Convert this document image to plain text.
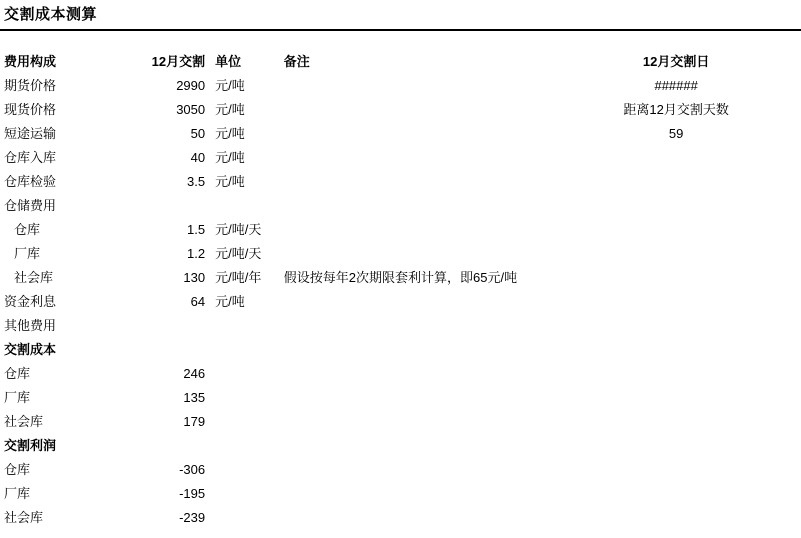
交割成本测算
费用构成	12月交割	单位	备注	12月交割日
期货价格	2990	元/吨		######
现货价格	3050	元/吨		距离12月交割天数
短途运输	50	元/吨		59
仓库入库	40	元/吨		
仓库检验	3.5	元/吨		
仓储费用				
仓库	1.5	元/吨/天		
厂库	1.2	元/吨/天		
社会库	130	元/吨/年	假设按每年2次期限套利计算，即65元/吨	
资金利息	64	元/吨		
其他费用				
交割成本				
仓库	246			
厂库	135			
社会库	179			
交割利润				
仓库	-306			
厂库	-195			
社会库	-239			
